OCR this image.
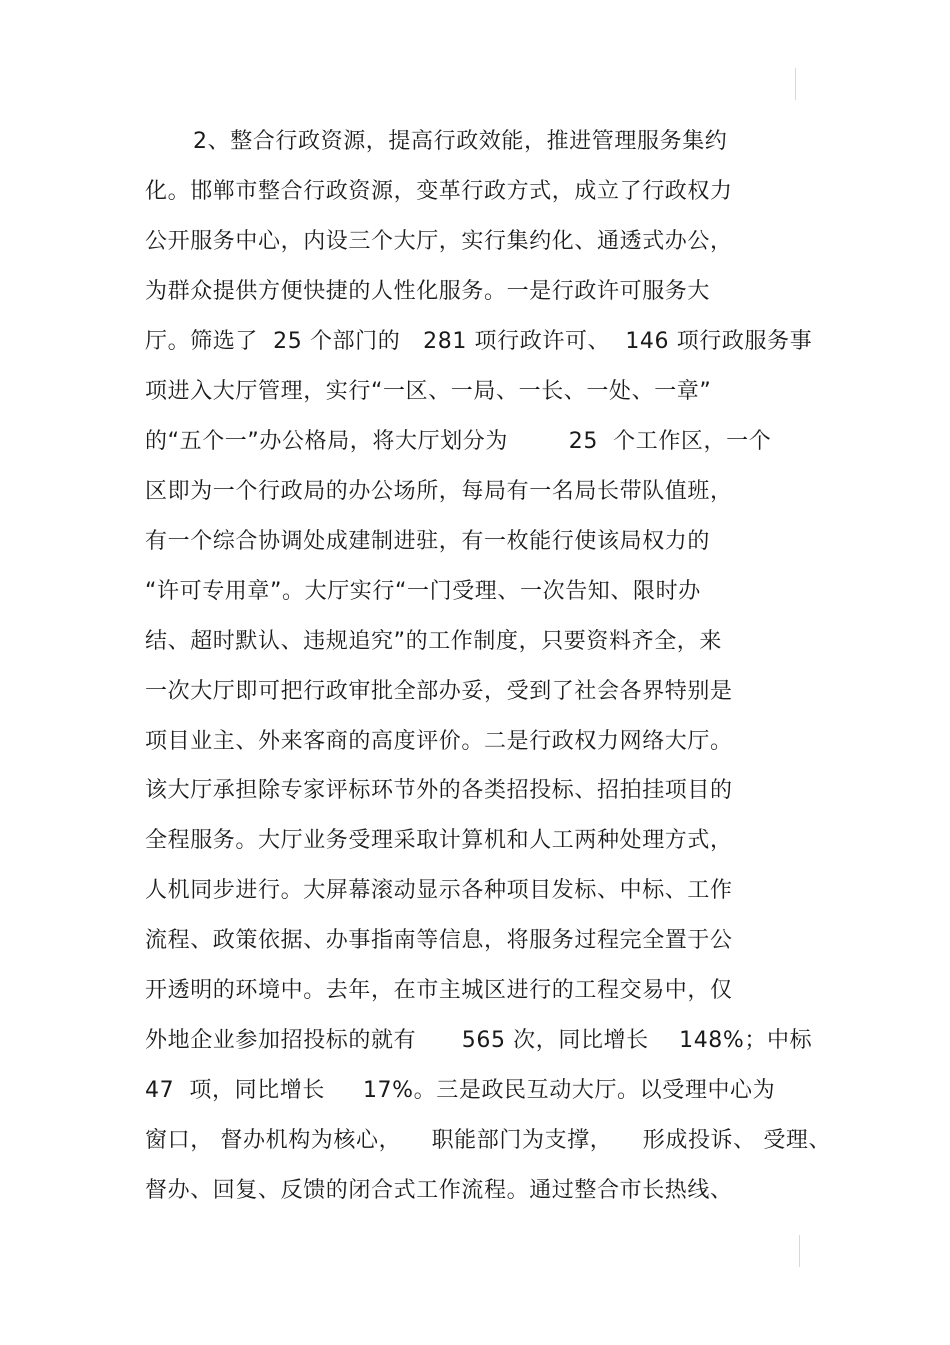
2、整合行政资源，提高行政效能，推进管理服务集约

化。邯郸市整合行政资源，变革行政方式，成立了行政权力

公开服务中心，内设三个大厅，实行集约化、通透式办公，

为群众提供方便快捷的人性化服务。一是行政许可服务大

厅。筛选了  25 个部门的   281 项行政许可、  146 项行政服务事

项进入大厅管理，实行“一区、一局、一长、一处、一章”

的“五个一”办公格局，将大厅划分为        25  个工作区，一个

区即为一个行政局的办公场所，每局有一名局长带队值班，

有一个综合协调处成建制进驻，有一枚能行使该局权力的

“许可专用章”。大厅实行“一门受理、一次告知、限时办

结、超时默认、违规追究”的工作制度，只要资料齐全，来

一次大厅即可把行政审批全部办妥，受到了社会各界特别是

项目业主、外来客商的高度评价。二是行政权力网络大厅。

该大厅承担除专家评标环节外的各类招投标、招拍挂项目的

全程服务。大厅业务受理采取计算机和人工两种处理方式，

人机同步进行。大屏幕滚动显示各种项目发标、中标、工作

流程、政策依据、办事指南等信息，将服务过程完全置于公

开透明的环境中。去年，在市主城区进行的工程交易中，仅

外地企业参加招投标的就有      565 次，同比增长    148%；中标

47  项，同比增长     17%。三是政民互动大厅。以受理中心为

窗口， 督办机构为核心，    职能部门为支撑，    形成投诉、 受理、

督办、回复、反馈的闭合式工作流程。通过整合市长热线、
